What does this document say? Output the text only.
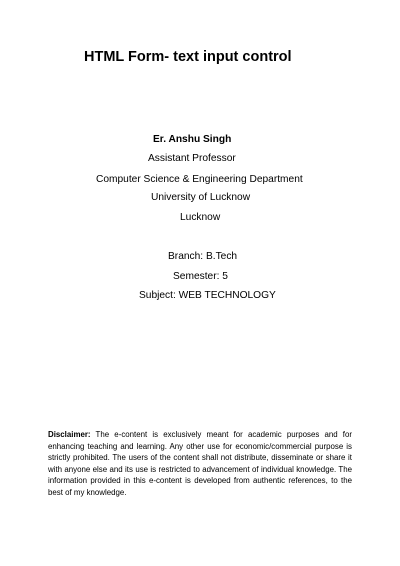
HTML Form- text input control
Er. Anshu Singh
Assistant Professor
Computer Science & Engineering Department
University of Lucknow
Lucknow
Branch: B.Tech
Semester: 5
Subject: WEB TECHNOLOGY

Disclaimer: The e-content is exclusively meant for academic purposes and for enhancing teaching and learning. Any other use for economic/commercial purpose is strictly prohibited. The users of the content shall not distribute, disseminate or share it with anyone else and its use is restricted to advancement of individual knowledge. The information provided in this e-content is developed from authentic references, to the best of my knowledge.
